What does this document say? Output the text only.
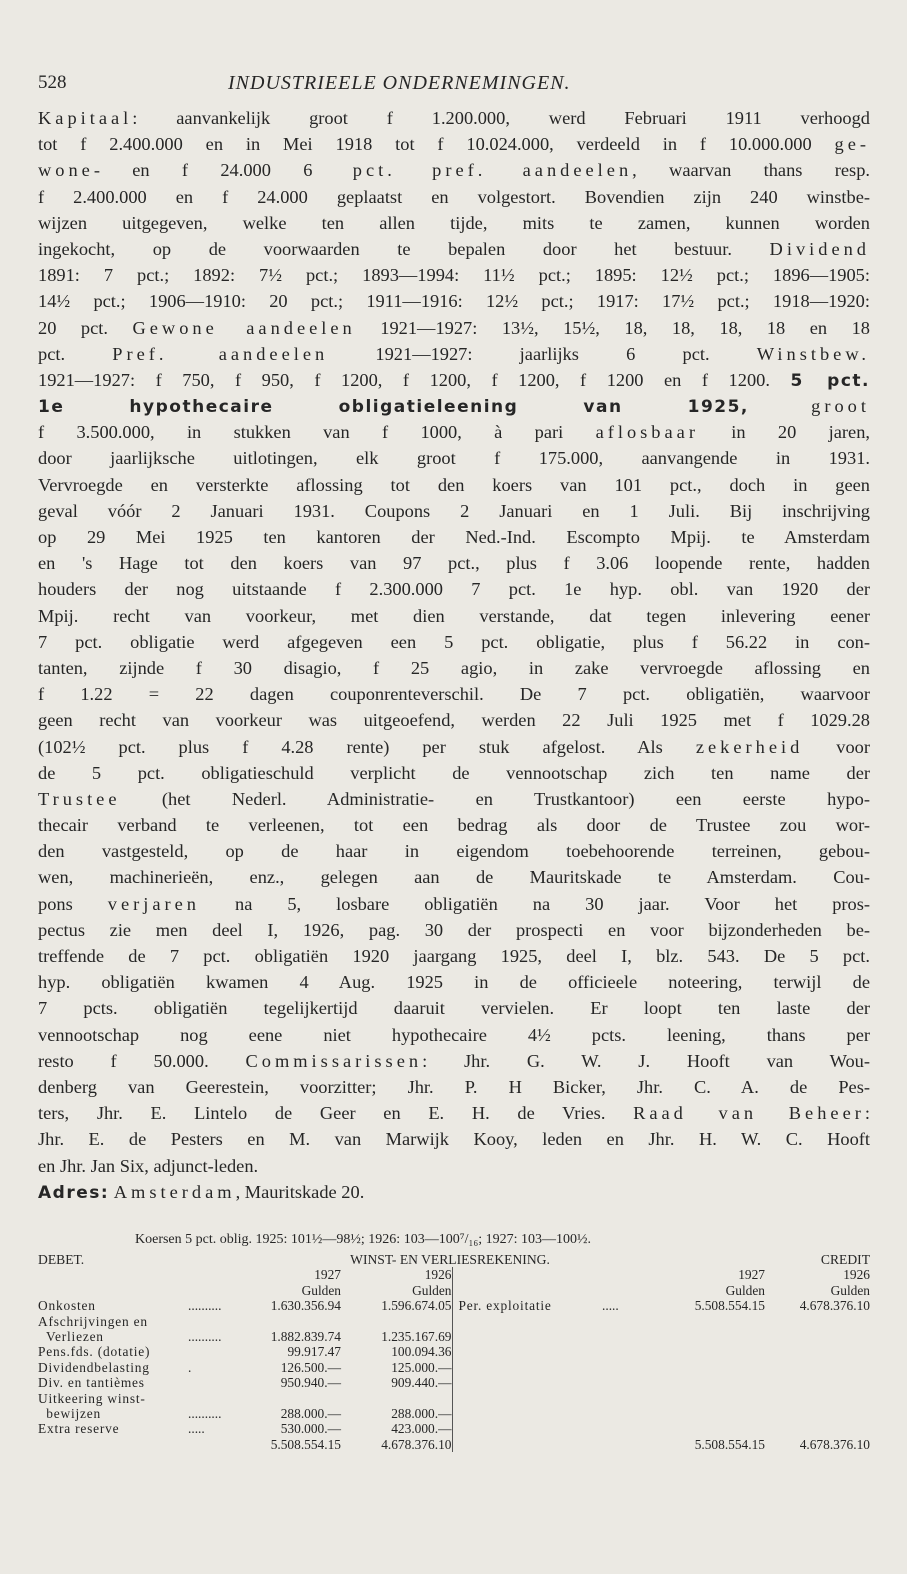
528	INDUSTRIEELE ONDERNEMINGEN.
Kapitaal: aanvankelijk groot f 1.200.000, werd Februari 1911 verhoogd
tot f 2.400.000 en in Mei 1918 tot f 10.024.000, verdeeld in f 10.000.000 ge-
wone- en f 24.000 6 pct. pref. aandeelen, waarvan thans resp.
f 2.400.000 en f 24.000 geplaatst en volgestort. Bovendien zijn 240 winstbe-
wijzen uitgegeven, welke ten allen tijde, mits te zamen, kunnen worden
ingekocht, op de voorwaarden te bepalen door het bestuur. Dividend
1891: 7 pct.; 1892: 7½ pct.; 1893—1994: 11½ pct.; 1895: 12½ pct.; 1896—1905:
14½ pct.; 1906—1910: 20 pct.; 1911—1916: 12½ pct.; 1917: 17½ pct.; 1918—1920:
20 pct. Gewone aandeelen 1921—1927: 13½, 15½, 18, 18, 18, 18 en 18
pct. Pref. aandeelen 1921—1927: jaarlijks 6 pct. Winstbew.
1921—1927: f 750, f 950, f 1200, f 1200, f 1200, f 1200 en f 1200. 5 pct.
1e hypothecaire obligatieleening van 1925,	groot
f 3.500.000, in stukken van f 1000, à pari aflosbaar in 20 jaren,
door jaarlijksche uitlotingen, elk groot f 175.000, aanvangende in 1931.
Vervroegde en versterkte aflossing tot den koers van 101 pct., doch in geen
geval vóór 2 Januari 1931. Coupons 2 Januari en 1 Juli. Bij inschrijving
op 29 Mei 1925 ten kantoren der Ned.-Ind. Escompto Mpij. te Amsterdam
en 's Hage tot den koers van 97 pct., plus f 3.06 loopende rente, hadden
houders der nog uitstaande f 2.300.000 7 pct. 1e hyp. obl. van 1920 der
Mpij. recht van voorkeur, met dien verstande, dat tegen inlevering eener
7 pct. obligatie werd afgegeven een 5 pct. obligatie, plus f 56.22 in con-
tanten, zijnde f 30 disagio, f 25 agio, in zake vervroegde aflossing en
f 1.22 = 22 dagen couponrenteverschil. De 7 pct. obligatiën, waarvoor
geen recht van voorkeur was uitgeoefend, werden 22 Juli 1925 met f 1029.28
(102½ pct. plus f 4.28 rente) per stuk afgelost. Als zekerheid voor
de 5 pct. obligatieschuld verplicht de vennootschap zich ten name der
Trustee (het Nederl. Administratie- en Trustkantoor) een eerste hypo-
thecair verband te verleenen, tot een bedrag als door de Trustee zou wor-
den vastgesteld, op de haar in eigendom toebehoorende terreinen, gebou-
wen, machinerieën, enz., gelegen aan de Mauritskade te Amsterdam. Cou-
pons verjaren na 5, losbare obligatiën na 30 jaar. Voor het pros-
pectus zie men deel I, 1926, pag. 30 der prospecti en voor bijzonderheden be-
treffende de 7 pct. obligatiën 1920 jaargang 1925, deel I, blz. 543. De 5 pct.
hyp. obligatiën kwamen 4 Aug. 1925 in de officieele noteering, terwijl de
7 pcts. obligatiën tegelijkertijd daaruit vervielen. Er loopt ten laste der
vennootschap nog eene niet hypothecaire 4½ pcts. leening, thans per
resto f 50.000. Commissarissen: Jhr. G. W. J. Hooft van Wou-
denberg van Geerestein, voorzitter; Jhr. P. H Bicker, Jhr. C. A. de Pes-
ters, Jhr. E. Lintelo de Geer en E. H. de Vries. Raad van Beheer:
Jhr. E. de Pesters en M. van Marwijk Kooy, leden en Jhr. H. W. C. Hooft
en Jhr. Jan Six, adjunct-leden.
Adres: Amsterdam, Mauritskade 20.
Koersen 5 pct. oblig. 1925: 101½—98½; 1926: 103—100⁷/₁₆; 1927: 103—100½.
DEBET.		WINST- EN VERLIESREKENING.				CREDIT	
		1927	1926			1927	1926
		Gulden	Gulden			Gulden	Gulden
Onkosten	..........	1.630.356.94	1.596.674.05	Per. exploitatie	.....	5.508.554.15	4.678.376.10
Afschrijvingen en							
Verliezen	..........	1.882.839.74	1.235.167.69				
Pens.fds. (dotatie)		99.917.47	100.094.36				
Dividendbelasting	.	126.500.—	125.000.—				
Div. en tantièmes		950.940.—	909.440.—				
Uitkeering winst-							
bewijzen	..........	288.000.—	288.000.—				
Extra reserve	.....	530.000.—	423.000.—				
		5.508.554.15	4.678.376.10			5.508.554.15	4.678.376.10
